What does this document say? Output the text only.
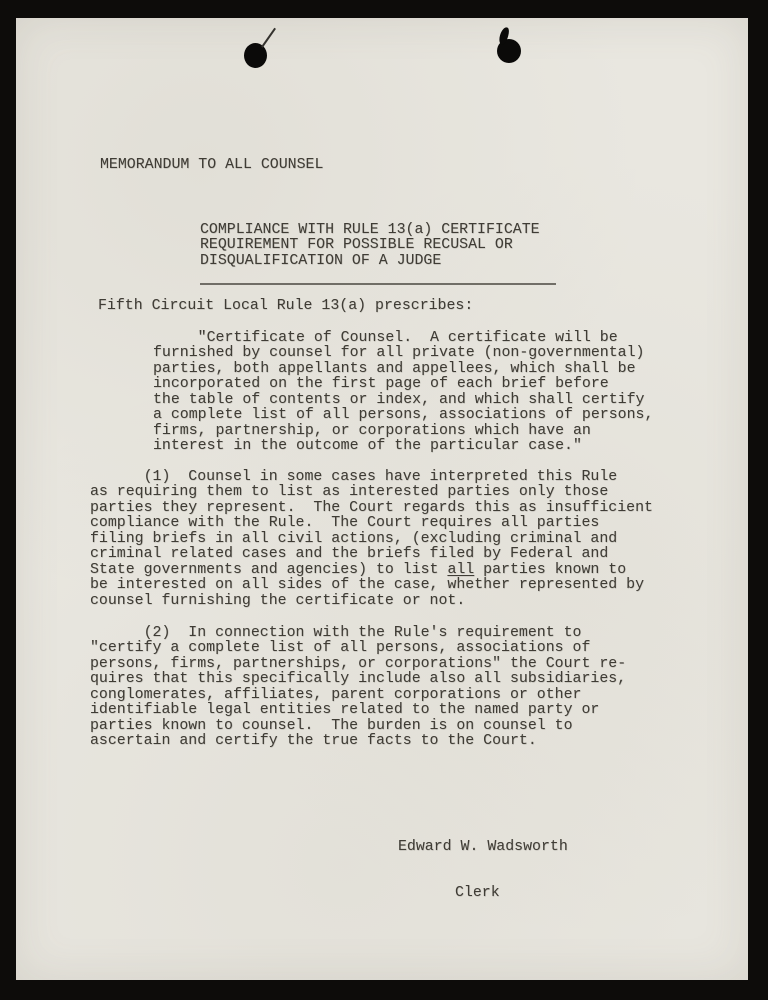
MEMORANDUM TO ALL COUNSEL
COMPLIANCE WITH RULE 13(a) CERTIFICATE
REQUIREMENT FOR POSSIBLE RECUSAL OR
DISQUALIFICATION OF A JUDGE
Fifth Circuit Local Rule 13(a) prescribes:
"Certificate of Counsel.  A certificate will be
furnished by counsel for all private (non-governmental)
parties, both appellants and appellees, which shall be
incorporated on the first page of each brief before
the table of contents or index, and which shall certify
a complete list of all persons, associations of persons,
firms, partnership, or corporations which have an
interest in the outcome of the particular case."
(1)  Counsel in some cases have interpreted this Rule
as requiring them to list as interested parties only those
parties they represent.  The Court regards this as insufficient
compliance with the Rule.  The Court requires all parties
filing briefs in all civil actions, (excluding criminal and
criminal related cases and the briefs filed by Federal and
State governments and agencies) to list all parties known to
be interested on all sides of the case, whether represented by
counsel furnishing the certificate or not.
(2)  In connection with the Rule's requirement to
"certify a complete list of all persons, associations of
persons, firms, partnerships, or corporations" the Court re-
quires that this specifically include also all subsidiaries,
conglomerates, affiliates, parent corporations or other
identifiable legal entities related to the named party or
parties known to counsel.  The burden is on counsel to
ascertain and certify the true facts to the Court.

Edward W. Wadsworth

Clerk
